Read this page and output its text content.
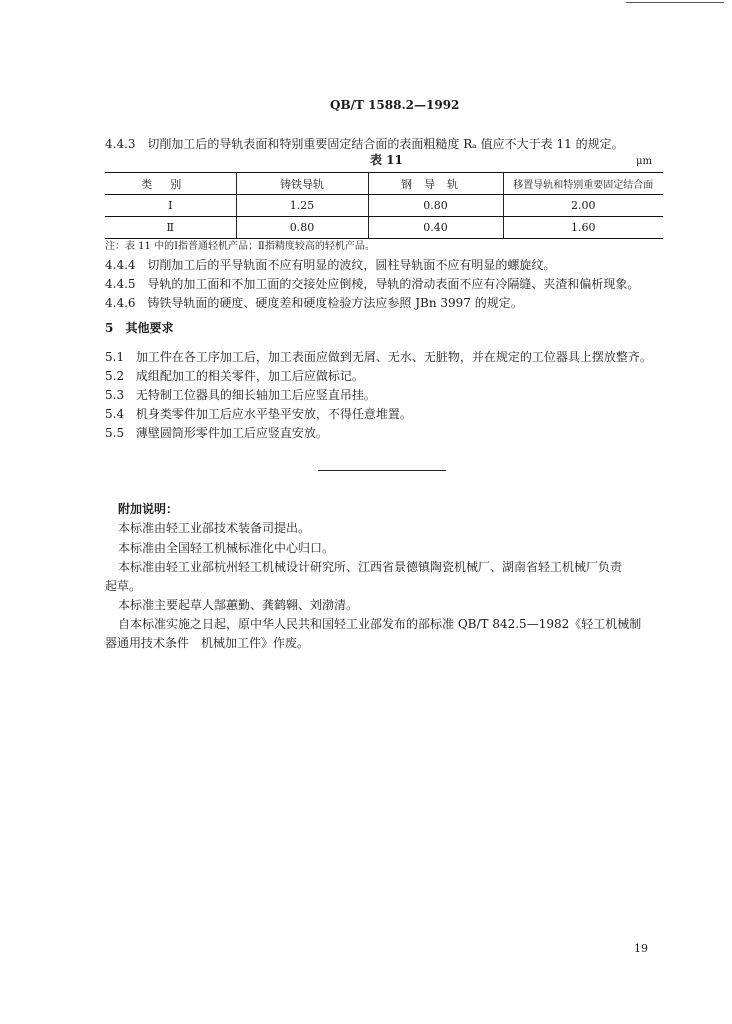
QB/T 1588.2—1992
4.4.3 切削加工后的导轨表面和特别重要固定结合面的表面粗糙度 Rₐ 值应不大于表 11 的规定。
表 11	μm
类别	铸铁导轨	钢导轨	移置导轨和特别重要固定结合面
Ⅰ	1.25	0.80	2.00
Ⅱ	0.80	0.40	1.60
注：表 11 中的Ⅰ指普通轻机产品；Ⅱ指精度较高的轻机产品。
4.4.4 切削加工后的平导轨面不应有明显的波纹，圆柱导轨面不应有明显的螺旋纹。
4.4.5 导轨的加工面和不加工面的交接处应倒棱，导轨的滑动表面不应有冷隔缝、夹渣和偏析现象。
4.4.6 铸铁导轨面的硬度、硬度差和硬度检验方法应参照 JBn 3997 的规定。
5 其他要求
5.1 加工件在各工序加工后，加工表面应做到无屑、无水、无脏物，并在规定的工位器具上摆放整齐。
5.2 成组配加工的相关零件，加工后应做标记。
5.3 无特制工位器具的细长轴加工后应竖直吊挂。
5.4 机身类零件加工后应水平垫平安放，不得任意堆置。
5.5 薄壁圆筒形零件加工后应竖直安放。
附加说明：
本标准由轻工业部技术装备司提出。
本标准由全国轻工机械标准化中心归口。
本标准由轻工业部杭州轻工机械设计研究所、江西省景德镇陶瓷机械厂、湖南省轻工机械厂负责
起草。
本标准主要起草人郜蕙勤、龚鹤翱、刘渤清。
自本标准实施之日起，原中华人民共和国轻工业部发布的部标准 QB/T 842.5—1982《轻工机械制
器通用技术条件　机械加工件》作废。
19
